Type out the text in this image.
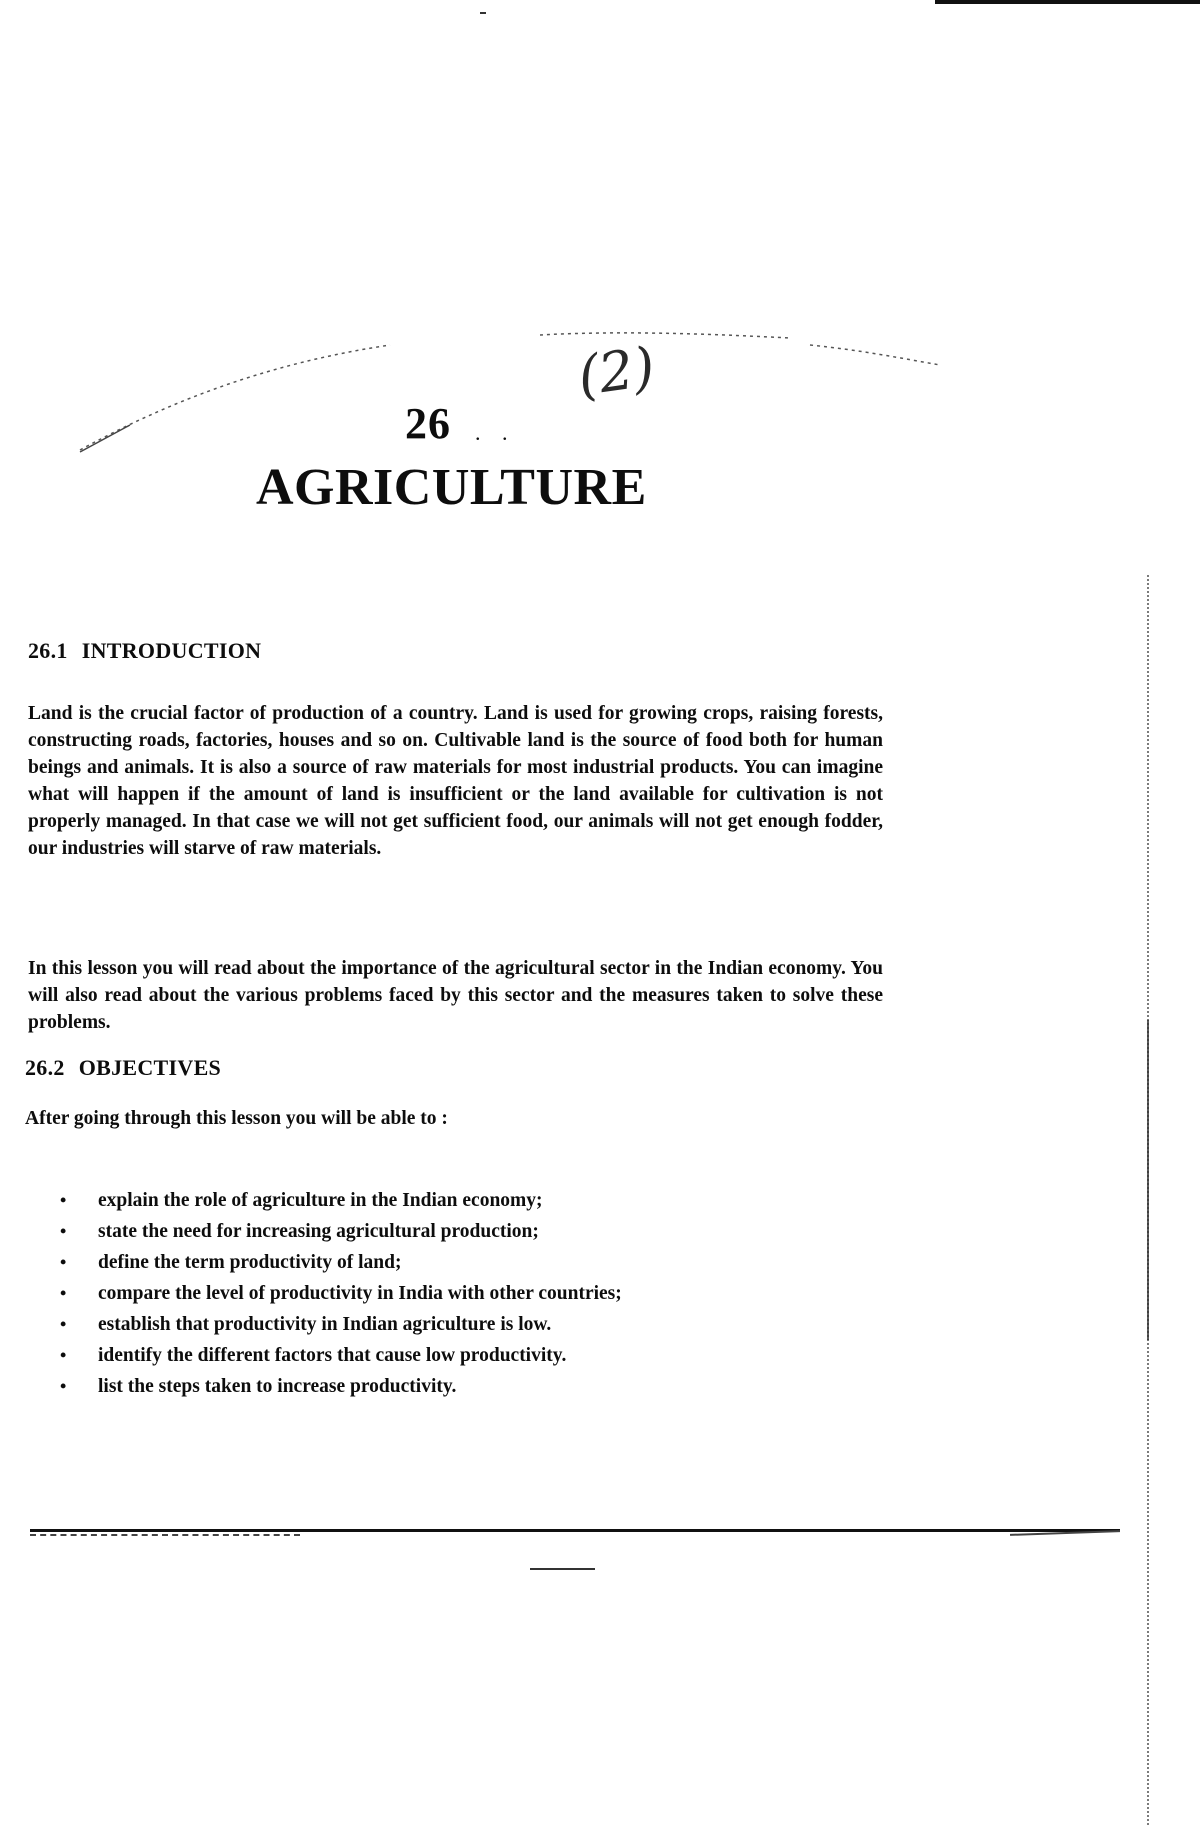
(2)
26 . .
AGRICULTURE
26.1 INTRODUCTION

Land is the crucial factor of production of a country. Land is used for growing crops, raising forests, constructing roads, factories, houses and so on. Cultivable land is the source of food both for human beings and animals. It is also a source of raw materials for most industrial products. You can imagine what will happen if the amount of land is insufficient or the land available for cultivation is not properly managed. In that case we will not get sufficient food, our animals will not get enough fodder, our industries will starve of raw materials.

In this lesson you will read about the importance of the agricultural sector in the Indian economy. You will also read about the various problems faced by this sector and the measures taken to solve these problems.

26.2 OBJECTIVES
After going through this lesson you will be able to :
• explain the role of agriculture in the Indian economy;
• state the need for increasing agricultural production;
• define the term productivity of land;
• compare the level of productivity in India with other countries;
• establish that productivity in Indian agriculture is low.
• identify the different factors that cause low productivity.
• list the steps taken to increase productivity.
